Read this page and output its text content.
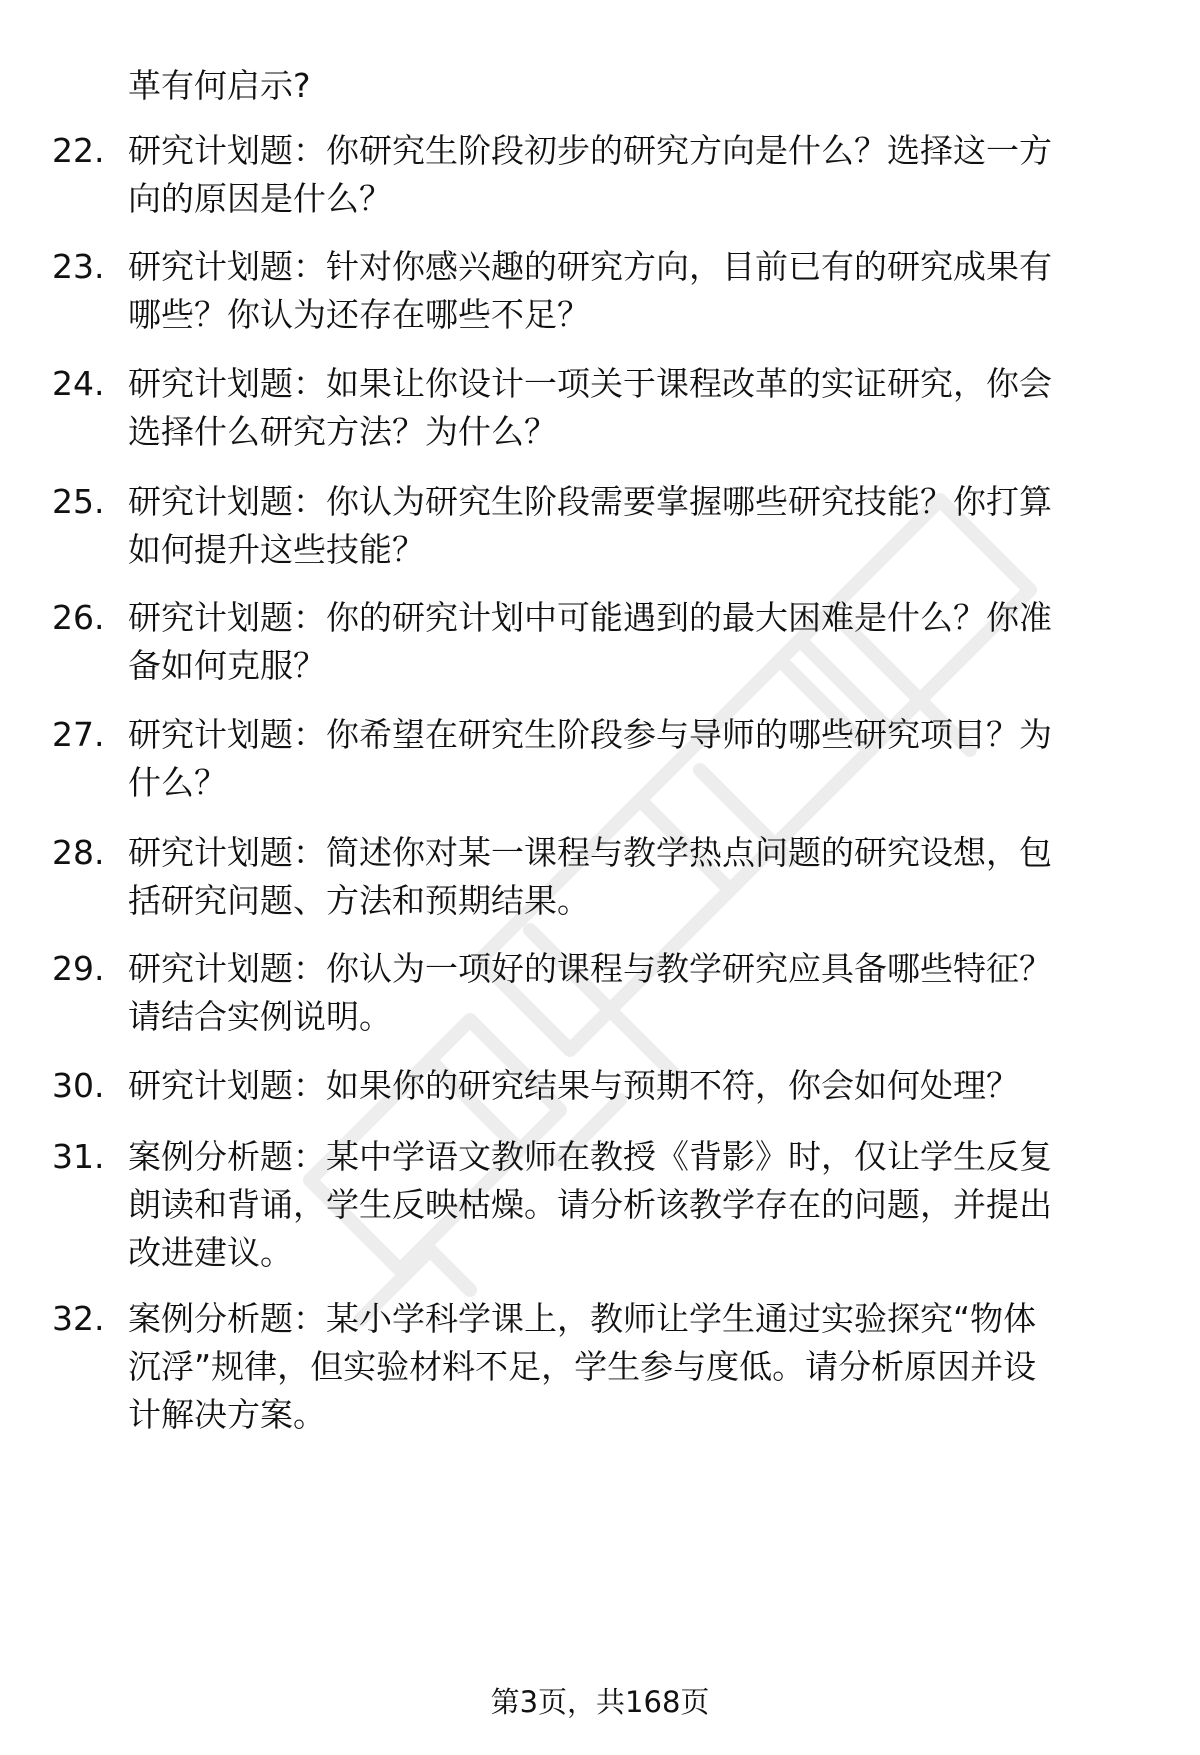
革有何启示?

22. 研究计划题：你研究生阶段初步的研究方向是什么？选择这一方
向的原因是什么？
23. 研究计划题：针对你感兴趣的研究方向，目前已有的研究成果有
哪些？你认为还存在哪些不足？
24. 研究计划题：如果让你设计一项关于课程改革的实证研究，你会
选择什么研究方法？为什么？
25. 研究计划题：你认为研究生阶段需要掌握哪些研究技能？你打算
如何提升这些技能？
26. 研究计划题：你的研究计划中可能遇到的最大困难是什么？你准
备如何克服？
27. 研究计划题：你希望在研究生阶段参与导师的哪些研究项目？为
什么？
28. 研究计划题：简述你对某一课程与教学热点问题的研究设想，包
括研究问题、方法和预期结果。
29. 研究计划题：你认为一项好的课程与教学研究应具备哪些特征？
请结合实例说明。
30. 研究计划题：如果你的研究结果与预期不符，你会如何处理？
31. 案例分析题：某中学语文教师在教授《背影》时，仅让学生反复
朗读和背诵，学生反映枯燥。请分析该教学存在的问题，并提出
改进建议。
32. 案例分析题：某小学科学课上，教师让学生通过实验探究“物体
沉浮”规律，但实验材料不足，学生参与度低。请分析原因并设
计解决方案。
第3页，共168页
